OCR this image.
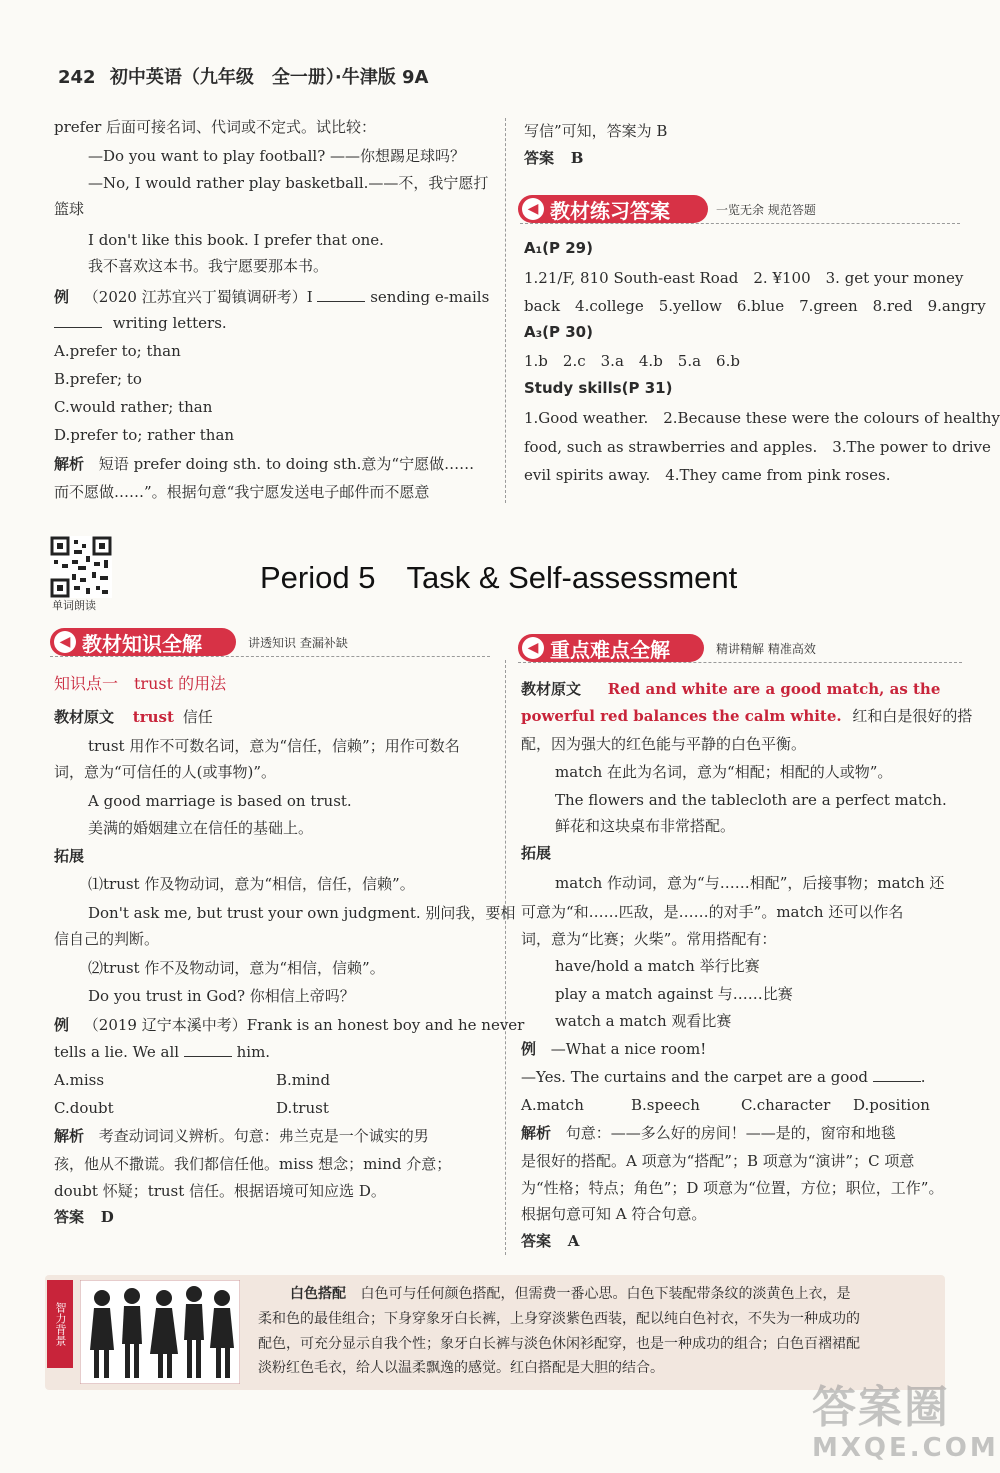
242 初中英语（九年级　全一册）·牛津版 9A
prefer 后面可接名词、代词或不定式。试比较：
—Do you want to play football? ——你想踢足球吗？
—No, I would rather play basketball.——不，我宁愿打
篮球
I don't like this book. I prefer that one.
我不喜欢这本书。我宁愿要那本书。
例 （2020 江苏宜兴丁蜀镇调研考）I	sending e-mails
writing letters.
A.prefer to; than
B.prefer; to
C.would rather; than
D.prefer to; rather than
解析 短语 prefer doing sth. to doing sth.意为“宁愿做……
而不愿做……”。根据句意“我宁愿发送电子邮件而不愿意
写信”可知，答案为 B
答案 B
◀ 教材练习答案	一览无余 规范答题
A₁(P 29)
1.21/F, 810 South-east Road　2. ¥100　3. get your money
back　4.college　5.yellow　6.blue　7.green　8.red　9.angry
A₃(P 30)
1.b　2.c　3.a　4.b　5.a　6.b
Study skills(P 31)
1.Good weather.　2.Because these were the colours of healthy
food, such as strawberries and apples.　3.The power to drive
evil spirits away.　4.They came from pink roses.
单词朗读
Period 5　Task & Self-assessment
◀ 教材知识全解	讲透知识 查漏补缺	◀ 重点难点全解	精讲精解 精准高效
知识点一　trust 的用法
教材原文 trust 信任
trust 用作不可数名词，意为“信任，信赖”；用作可数名
词，意为“可信任的人(或事物)”。
A good marriage is based on trust.
美满的婚姻建立在信任的基础上。
拓展
⑴trust 作及物动词，意为“相信，信任，信赖”。
Don't ask me, but trust your own judgment. 别问我，要相
信自己的判断。
⑵trust 作不及物动词，意为“相信，信赖”。
Do you trust in God? 你相信上帝吗？
例 （2019 辽宁本溪中考）Frank is an honest boy and he never
tells a lie. We all	him.
A.miss	B.mind
C.doubt	D.trust
解析 考查动词词义辨析。句意：弗兰克是一个诚实的男
孩，他从不撒谎。我们都信任他。miss 想念；mind 介意；
doubt 怀疑；trust 信任。根据语境可知应选 D。
答案 D
教材原文 Red and white are a good match, as the
powerful red balances the calm white. 红和白是很好的搭
配，因为强大的红色能与平静的白色平衡。
match 在此为名词，意为“相配；相配的人或物”。
The flowers and the tablecloth are a perfect match.
鲜花和这块桌布非常搭配。
拓展
match 作动词，意为“与……相配”，后接事物；match 还
可意为“和……匹敌，是……的对手”。match 还可以作名
词，意为“比赛；火柴”。常用搭配有：
have/hold a match 举行比赛
play a match against 与……比赛
watch a match 观看比赛
例 —What a nice room!
—Yes. The curtains and the carpet are a good	.
A.match	B.speech	C.character D.position
解析 句意：——多么好的房间！——是的，窗帘和地毯
是很好的搭配。A 项意为“搭配”；B 项意为“演讲”；C 项意
为“性格；特点；角色”；D 项意为“位置，方位；职位，工作”。
根据句意可知 A 符合句意。
答案 A
智力背景
白色搭配 白色可与任何颜色搭配，但需费一番心思。白色下装配带条纹的淡黄色上衣，是
柔和色的最佳组合；下身穿象牙白长裤，上身穿淡紫色西装，配以纯白色衬衣，不失为一种成功的
配色，可充分显示自我个性；象牙白长裤与淡色休闲衫配穿，也是一种成功的组合；白色百褶裙配
淡粉红色毛衣，给人以温柔飘逸的感觉。红白搭配是大胆的结合。
答案圈
MXQE.COM
